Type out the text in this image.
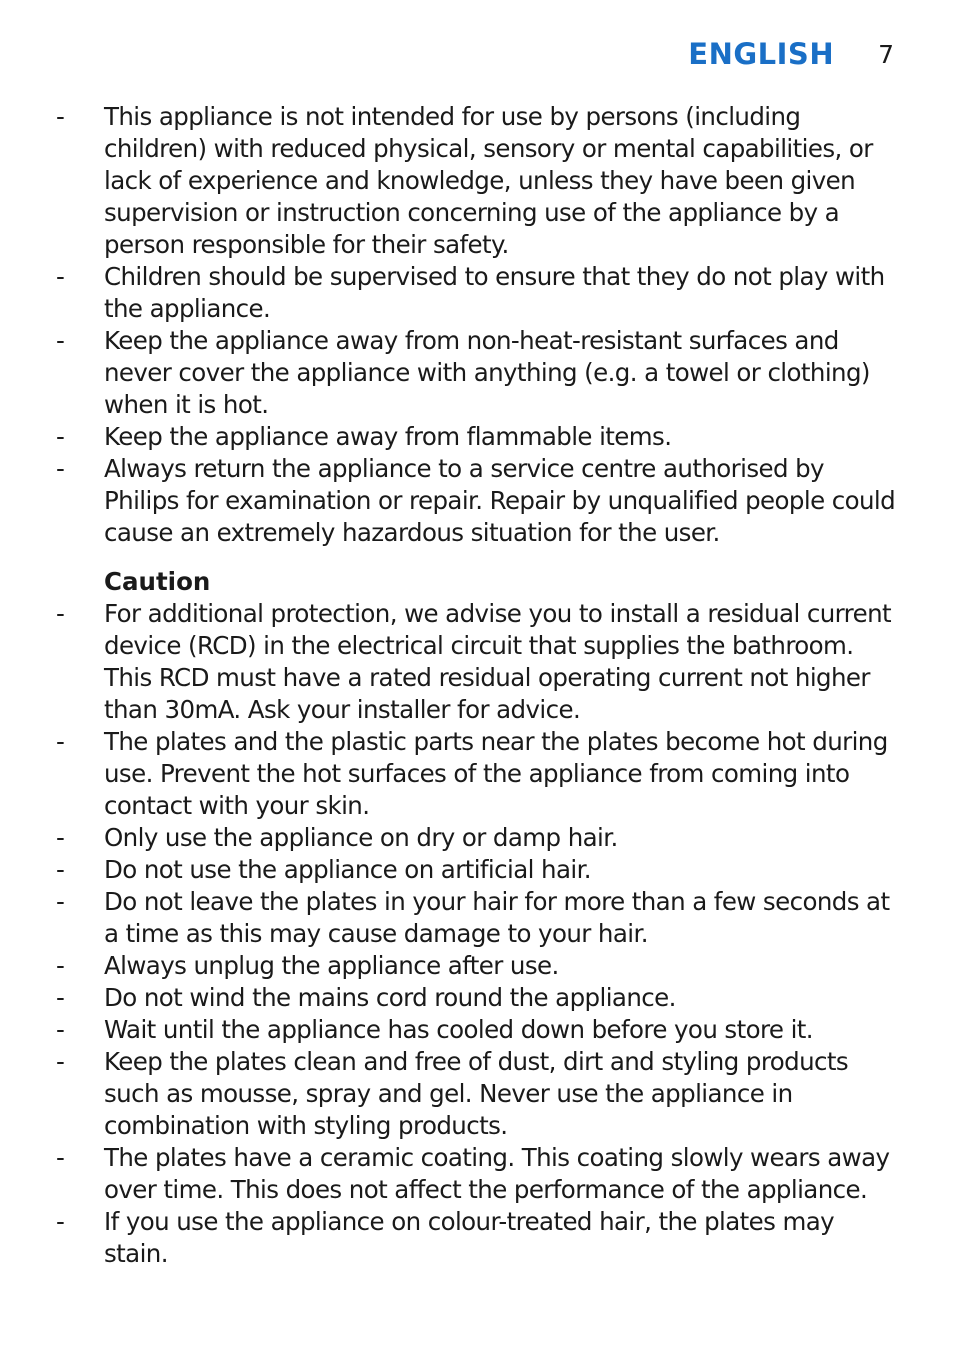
ENGLISH 7
-	This appliance is not intended for use by persons (including children) with reduced physical, sensory or mental capabilities, or lack of experience and knowledge, unless they have been given supervision or instruction concerning use of the appliance by a person responsible for their safety.
-	Children should be supervised to ensure that they do not play with the appliance.
-	Keep the appliance away from non-heat-resistant surfaces and never cover the appliance with anything (e.g. a towel or clothing) when it is hot.
-	Keep the appliance away from flammable items.
-	Always return the appliance to a service centre authorised by Philips for examination or repair. Repair by unqualified people could cause an extremely hazardous situation for the user.
Caution
-	For additional protection, we advise you to install a residual current device (RCD) in the electrical circuit that supplies the bathroom. This RCD must have a rated residual operating current not higher than 30mA. Ask your installer for advice.
-	The plates and the plastic parts near the plates become hot during use. Prevent the hot surfaces of the appliance from coming into contact with your skin.
-	Only use the appliance on dry or damp hair.
-	Do not use the appliance on artificial hair.
-	Do not leave the plates in your hair for more than a few seconds at a time as this may cause damage to your hair.
-	Always unplug the appliance after use.
-	Do not wind the mains cord round the appliance.
-	Wait until the appliance has cooled down before you store it.
-	Keep the plates clean and free of dust, dirt and styling products such as mousse, spray and gel. Never use the appliance in combination with styling products.
-	The plates have a ceramic coating. This coating slowly wears away over time. This does not affect the performance of the appliance.
-	If you use the appliance on colour-treated hair, the plates may stain.
